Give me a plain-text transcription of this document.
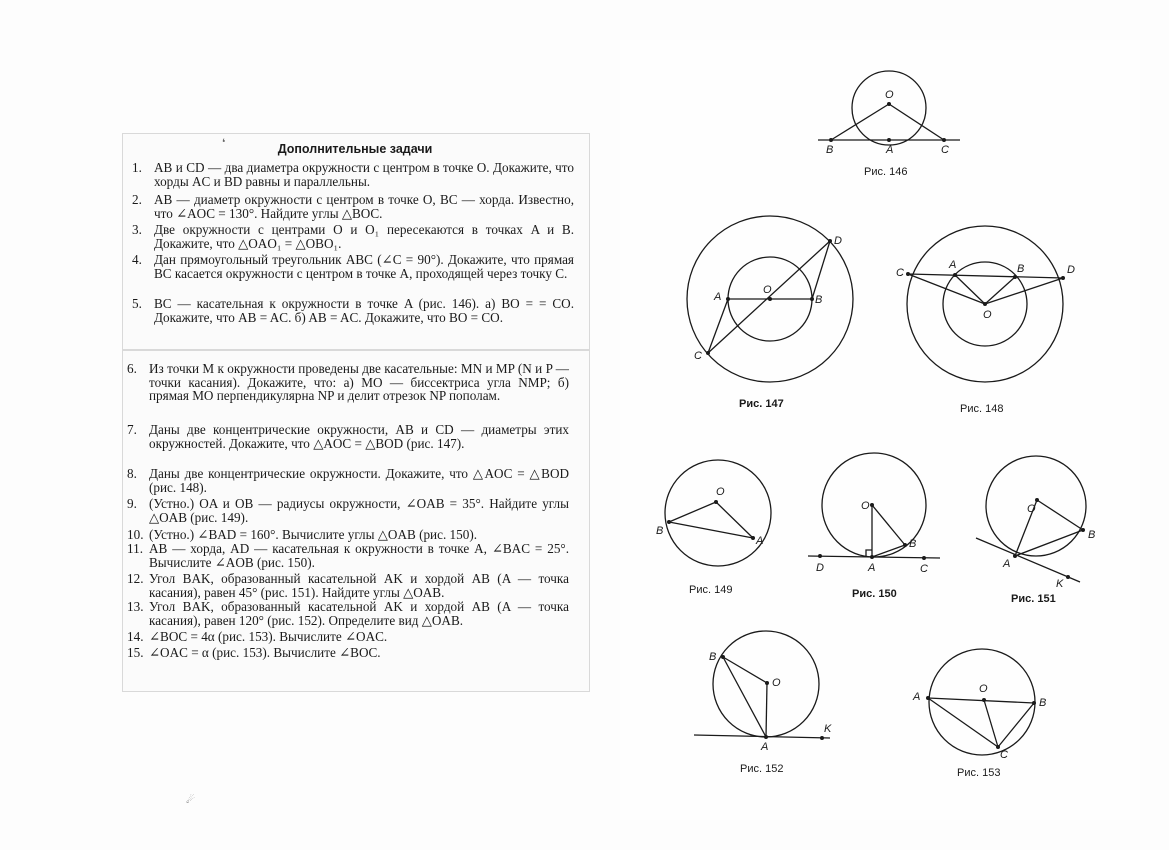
Дополнительные задачи
1. AB и CD — два диаметра окружности с центром в точке O. Докажите, что хорды AC и BD равны и параллельны.
2. AB — диаметр окружности с центром в точке O, BC — хорда. Известно, что ∠AOC = 130°. Найдите углы △BOC.
3. Две окружности с центрами O и O₁ пересекаются в точках A и B. Докажите, что △OAO₁ = △OBO₁.
4. Дан прямоугольный треугольник ABC (∠C = 90°). Докажите, что прямая BC касается окружности с центром в точке A, проходящей через точку C.
5. BC — касательная к окружности в точке A (рис. 146). а) BO = = CO. Докажите, что AB = AC. б) AB = AC. Докажите, что BO = CO.
6. Из точки M к окружности проведены две касательные: MN и MP (N и P — точки касания). Докажите, что: а) MO — биссектриса угла NMP; б) прямая MO перпендикулярна NP и делит отрезок NP пополам.
7. Даны две концентрические окружности, AB и CD — диаметры этих окружностей. Докажите, что △AOC = △BOD (рис. 147).
8. Даны две концентрические окружности. Докажите, что △AOC = △BOD (рис. 148).
9. (Устно.) OA и OB — радиусы окружности, ∠OAB = 35°. Найдите углы △OAB (рис. 149).
10. (Устно.) ∠BAD = 160°. Вычислите углы △OAB (рис. 150).
11. AB — хорда, AD — касательная к окружности в точке A, ∠BAC = 25°. Вычислите ∠AOB (рис. 150).
12. Угол BAK, образованный касательной AK и хордой AB (A — точка касания), равен 45° (рис. 151). Найдите углы △OAB.
13. Угол BAK, образованный касательной AK и хордой AB (A — точка касания), равен 120° (рис. 152). Определите вид △OAB.
14. ∠BOC = 4α (рис. 153). Вычислите ∠OAC.
15. ∠OAC = α (рис. 153). Вычислите ∠BOC.
❛
☄
O
B	A	C
D
A
O
B
C
C
A	B	D
O
O
B
A
O
B
D	A	C
O
B
A
K
B
O
A
K
A
O
B
C
Рис. 146
Рис. 147	Рис. 148
Рис. 149	Рис. 150	Рис. 151
Рис. 152	Рис. 153
